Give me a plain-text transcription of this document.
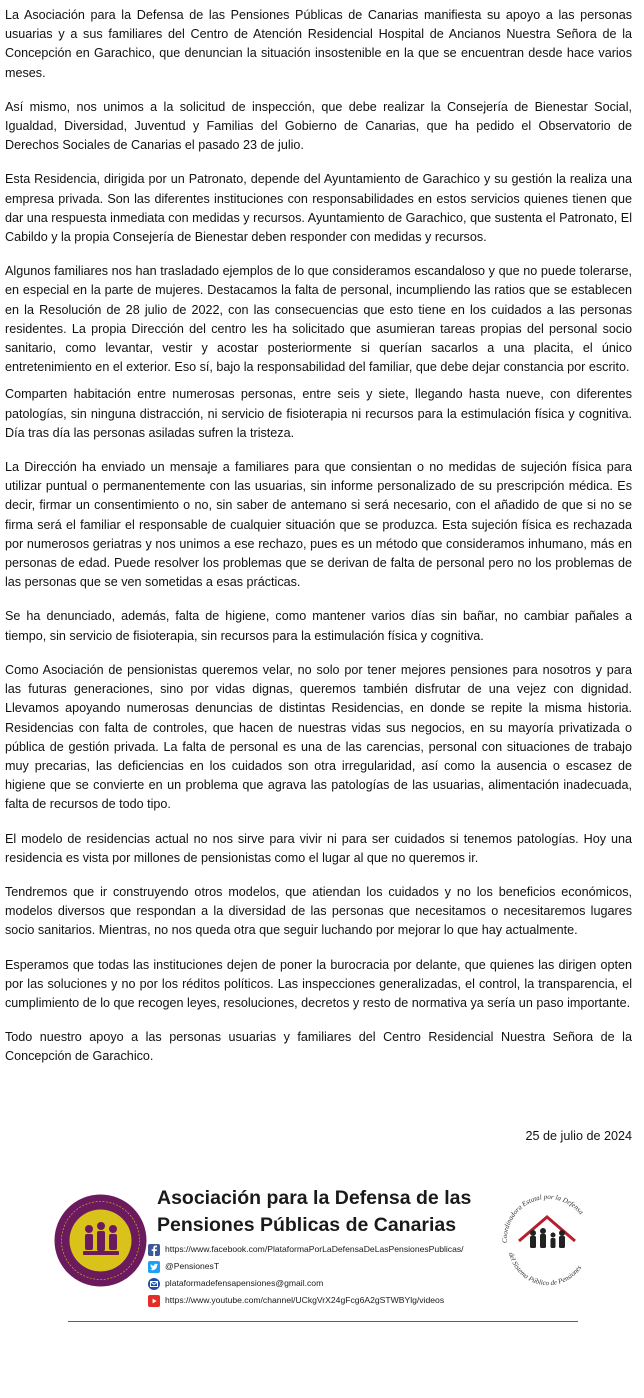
La Asociación para la Defensa de las Pensiones Públicas de Canarias manifiesta su apoyo a las personas usuarias y a sus familiares del Centro de Atención Residencial Hospital de Ancianos Nuestra Señora de la Concepción en Garachico, que denuncian la situación insostenible en la que se encuentran desde hace varios meses.

Así mismo, nos unimos a la solicitud de inspección, que debe realizar la Consejería de Bienestar Social, Igualdad, Diversidad, Juventud y Familias del Gobierno de Canarias, que ha pedido el Observatorio de Derechos Sociales de Canarias el pasado 23 de julio.

Esta Residencia, dirigida por un Patronato, depende del Ayuntamiento de Garachico y su gestión la realiza una empresa privada. Son las diferentes instituciones con responsabilidades en estos servicios quienes tienen que dar una respuesta inmediata con medidas y recursos. Ayuntamiento de Garachico, que sustenta el Patronato, El Cabildo y la propia Consejería de Bienestar deben responder con medidas y recursos.

Algunos familiares nos han trasladado ejemplos de lo que consideramos escandaloso y que no puede tolerarse, en especial en la parte de mujeres. Destacamos la falta de personal, incumpliendo las ratios que se establecen en la Resolución de 28 julio de 2022, con las consecuencias que esto tiene en los cuidados a las personas residentes. La propia Dirección del centro les ha solicitado que asumieran tareas propias del personal socio sanitario, como levantar, vestir y acostar posteriormente si querían sacarlos a una placita, el único entretenimiento en el exterior. Eso sí, bajo la responsabilidad del familiar, que debe dejar constancia por escrito.

Comparten habitación entre numerosas personas, entre seis y siete, llegando hasta nueve, con diferentes patologías, sin ninguna distracción, ni servicio de fisioterapia ni recursos para la estimulación física y cognitiva. Día tras día las personas asiladas sufren la tristeza.

La Dirección ha enviado un mensaje a familiares para que consientan o no medidas de sujeción física para utilizar puntual o permanentemente con las usuarias, sin informe personalizado de su prescripción médica. Es decir, firmar un consentimiento o no, sin saber de antemano si será necesario, con el añadido de que si no se firma será el familiar el responsable de cualquier situación que se produzca. Esta sujeción física es rechazada por numerosos geriatras y nos unimos a ese rechazo, pues es un método que consideramos inhumano, más en personas de edad. Puede resolver los problemas que se derivan de falta de personal pero no los problemas de las personas que se ven sometidas a esas prácticas.

Se ha denunciado, además, falta de higiene, como mantener varios días sin bañar, no cambiar pañales a tiempo, sin servicio de fisioterapia, sin recursos para la estimulación física y cognitiva.

Como Asociación de pensionistas queremos velar, no solo por tener mejores pensiones para nosotros y para las futuras generaciones, sino por vidas dignas, queremos también disfrutar de una vejez con dignidad. Llevamos apoyando numerosas denuncias de distintas Residencias, en donde se repite la misma historia. Residencias con falta de controles, que hacen de nuestras vidas sus negocios, en su mayoría privatizada o pública de gestión privada. La falta de personal es una de las carencias, personal con situaciones de trabajo muy precarias, las deficiencias en los cuidados son otra irregularidad, así como la ausencia o escasez de higiene que se convierte en un problema que agrava las patologías de las usuarias, alimentación inadecuada, falta de recursos de todo tipo.

El modelo de residencias actual no nos sirve para vivir ni para ser cuidados si tenemos patologías. Hoy una residencia es vista por millones de pensionistas como el lugar al que no queremos ir.

Tendremos que ir construyendo otros modelos, que atiendan los cuidados y no los beneficios económicos, modelos diversos que respondan a la diversidad de las personas que necesitamos o necesitaremos lugares socio sanitarios. Mientras, no nos queda otra que seguir luchando por mejorar lo que hay actualmente.

Esperamos que todas las instituciones dejen de poner la burocracia por delante, que quienes las dirigen opten por las soluciones y no por los réditos políticos. Las inspecciones generalizadas, el control, la transparencia, el cumplimiento de lo que recogen leyes, resoluciones, decretos y resto de normativa ya sería un paso importante.

Todo nuestro apoyo a las personas usuarias y familiares del Centro Residencial Nuestra Señora de la Concepción de Garachico.

25 de julio de 2024
Asociación para la Defensa de las
Pensiones Públicas de Canarias
https://www.facebook.com/PlataformaPorLaDefensaDeLasPensionesPublicas/
@PensionesT
plataformadefensapensiones@gmail.com
https://www.youtube.com/channel/UCkgVrX24gFcg6A2gSTWBYlg/videos
Coordinadora Estatal por la Defensa
del Sistema Público de Pensiones
